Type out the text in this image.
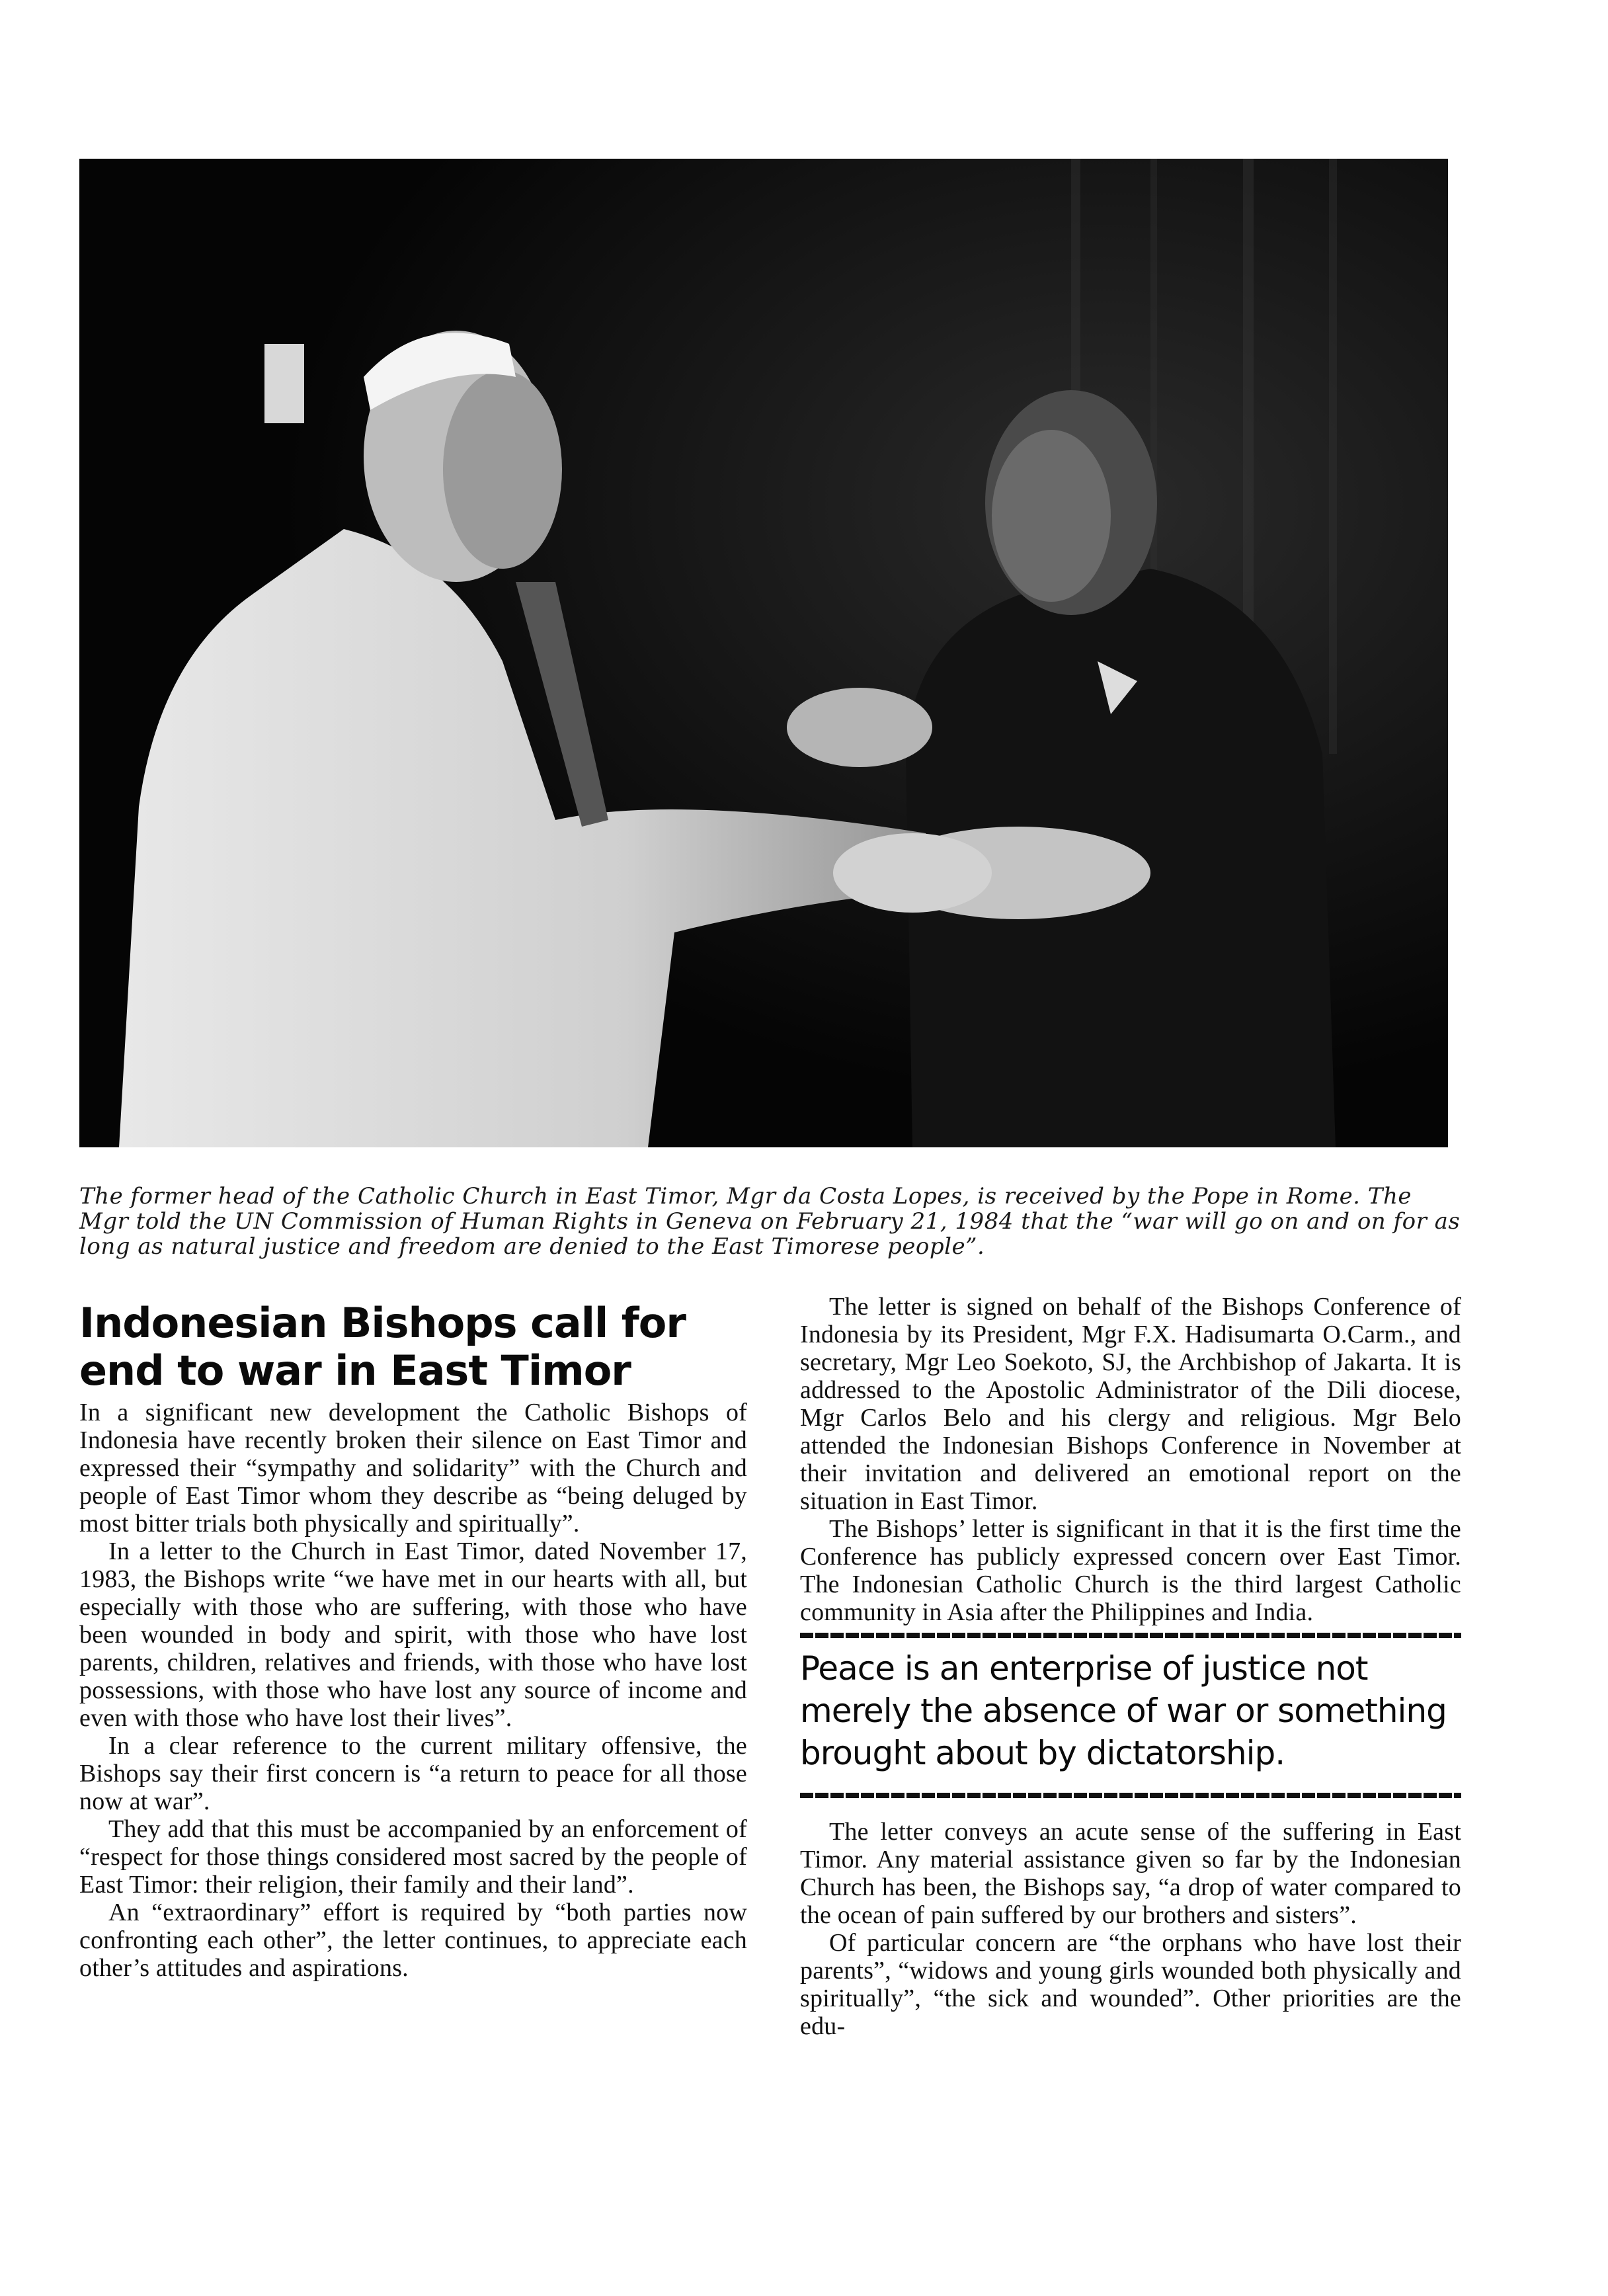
The former head of the Catholic Church in East Timor, Mgr da Costa Lopes, is received by the Pope in Rome. The Mgr told the UN Commission of Human Rights in Geneva on February 21, 1984 that the “war will go on and on for as long as natural justice and freedom are denied to the East Timorese people”.
Indonesian Bishops call for end to war in East Timor

In a significant new development the Catholic Bishops of Indonesia have recently broken their silence on East Timor and expressed their “sympathy and solidarity” with the Church and people of East Timor whom they describe as “being deluged by most bitter trials both physically and spiritually”.

In a letter to the Church in East Timor, dated November 17, 1983, the Bishops write “we have met in our hearts with all, but especially with those who are suffering, with those who have been wounded in body and spirit, with those who have lost parents, children, relatives and friends, with those who have lost possessions, with those who have lost any source of income and even with those who have lost their lives”.

In a clear reference to the current military offensive, the Bishops say their first concern is “a return to peace for all those now at war”.

They add that this must be accompanied by an enforcement of “respect for those things considered most sacred by the people of East Timor: their religion, their family and their land”.

An “extraordinary” effort is required by “both parties now confronting each other”, the letter continues, to appreciate each other’s attitudes and aspirations.

The letter is signed on behalf of the Bishops Conference of Indonesia by its President, Mgr F.X. Hadisumarta O.Carm., and secretary, Mgr Leo Soekoto, SJ, the Archbishop of Jakarta. It is addressed to the Apostolic Administrator of the Dili diocese, Mgr Carlos Belo and his clergy and religious. Mgr Belo attended the Indonesian Bishops Conference in November at their invitation and delivered an emotional report on the situation in East Timor.

The Bishops’ letter is significant in that it is the first time the Conference has publicly expressed concern over East Timor. The Indonesian Catholic Church is the third largest Catholic community in Asia after the Philippines and India.

Peace is an enterprise of justice not merely the absence of war or something brought about by dictatorship.

The letter conveys an acute sense of the suffering in East Timor. Any material assistance given so far by the Indonesian Church has been, the Bishops say, “a drop of water compared to the ocean of pain suffered by our brothers and sisters”.

Of particular concern are “the orphans who have lost their parents”, “widows and young girls wounded both physically and spiritually”, “the sick and wounded”. Other priorities are the edu-
